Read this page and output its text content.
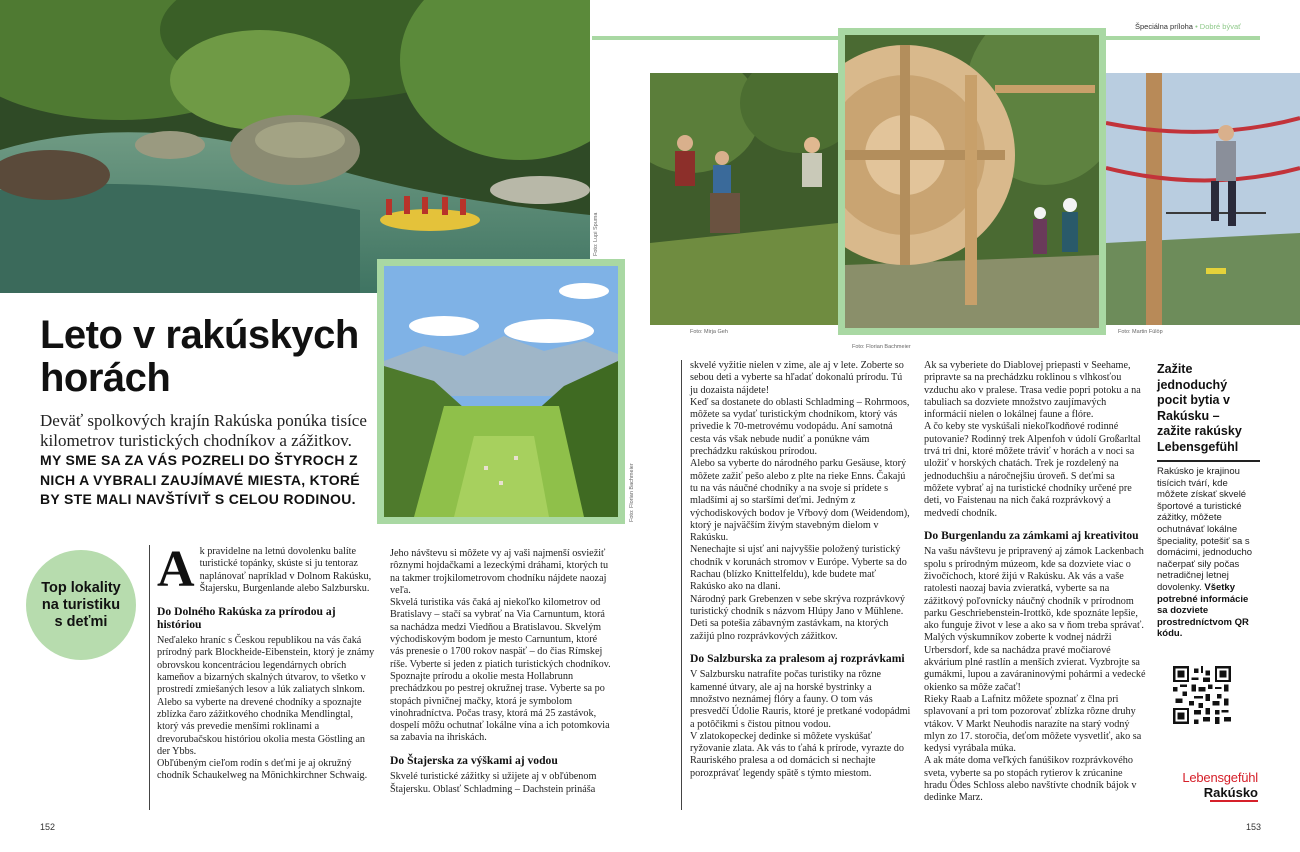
Špeciálna príloha • Dobré bývať
Foto: Lupi Spuma
Foto: Florian Bachmeier
Foto: Mirja Geh
Foto: Florian Bachmeier
Foto: Martin Fülöp
Leto v rakúskych
horách
Deväť spolkových krajín Rakúska ponúka tisíce kilometrov turistických chodníkov a zážitkov. MY SME SA ZA VÁS POZRELI DO ŠTYROCH Z NICH A VYBRALI ZAUJÍMAVÉ MIESTA, KTORÉ BY STE MALI NAVŠTÍVIŤ S CELOU RODINOU.
Top lokality na turistiku s deťmi

Ak pravidelne na letnú dovolenku balíte turistické topánky, skúste si ju tentoraz naplánovať napríklad v Dolnom Rakúsku, Štajersku, Burgenlande alebo Salzbursku.

Do Dolného Rakúska za prírodou aj históriou

Neďaleko hraníc s Českou republikou na vás čaká prírodný park Blockheide-Eibenstein, ktorý je známy obrovskou koncentráciou legendárnych obrích kameňov a bizarných skalných útvarov, to všetko v prostredí zmiešaných lesov a lúk zaliatych slnkom.

Alebo sa vyberte na drevené chodníky a spoznajte zblízka čaro zážitkového chodníka Mendlingtal, ktorý vás prevedie menšími roklinami a drevorubačskou históriou okolia mesta Göstling an der Ybbs.

Obľúbeným cieľom rodín s deťmi je aj okružný chodník Schaukelweg na Mönichkirchner Schwaig.

Jeho návštevu si môžete vy aj vaši najmenší osviežiť rôznymi hojdačkami a lezeckými dráhami, ktorých tu na takmer trojkilometrovom chodníku nájdete naozaj veľa.

Skvelá turistika vás čaká aj niekoľko kilometrov od Bratislavy – stačí sa vybrať na Via Carnuntum, ktorá sa nachádza medzi Viedňou a Bratislavou. Skvelým východiskovým bodom je mesto Carnuntum, ktoré vás prenesie o 1700 rokov naspäť – do čias Rímskej ríše. Vyberte si jeden z piatich turistických chodníkov.

Spoznajte prírodu a okolie mesta Hollabrunn prechádzkou po pestrej okružnej trase. Vyberte sa po stopách pivničnej mačky, ktorá je symbolom vinohradníctva. Počas trasy, ktorá má 25 zastávok, dospelí môžu ochutnať lokálne vína a ich potomkovia sa zabavia na ihriskách.

Do Štajerska za výškami aj vodou

Skvelé turistické zážitky si užijete aj v obľúbenom Štajersku. Oblasť Schladming – Dachstein prináša

skvelé vyžitie nielen v zime, ale aj v lete. Zoberte so sebou deti a vyberte sa hľadať dokonalú prírodu. Tú ju dozaista nájdete!

Keď sa dostanete do oblasti Schladming – Rohrmoos, môžete sa vydať turistickým chodníkom, ktorý vás privedie k 70-metrovému vodopádu. Aní samotná cesta vás však nebude nudiť a ponúkne vám prechádzku rakúskou prírodou.

Alebo sa vyberte do národného parku Gesäuse, ktorý môžete zažiť pešo alebo z plte na rieke Enns. Čakajú tu na vás náučné chodníky a na svoje si prídete s mladšími aj so staršími deťmi. Jedným z východiskových bodov je Vŕbový dom (Weidendom), ktorý je najväčším živým stavebným dielom v Rakúsku.

Nenechajte si ujsť ani najvyššie položený turistický chodník v korunách stromov v Európe. Vyberte sa do Rachau (blízko Knittelfeldu), kde budete mať Rakúsko ako na dlani.

Národný park Grebenzen v sebe skrýva rozprávkový turistický chodník s názvom Hlúpy Jano v Mühlene. Deti sa potešia zábavným zastávkam, na ktorých zažijú plno rozprávkových zážitkov.

Do Salzburska za pralesom aj rozprávkami

V Salzbursku natrafíte počas turistiky na rôzne kamenné útvary, ale aj na horské bystrinky a množstvo neznámej flóry a fauny. O tom vás presvedčí Údolie Rauris, ktoré je pretkané vodopádmi a potôčikmi s čistou pitnou vodou.

V zlatokopeckej dedinke si môžete vyskúšať ryžovanie zlata. Ak vás to ťahá k prírode, vyrazte do Rauriského pralesa a od domácich si nechajte porozprávať legendy spätě s týmto miestom.

Ak sa vyberiete do Diablovej priepasti v Seehame, pripravte sa na prechádzku roklinou s vlhkosťou vzduchu ako v pralese. Trasa vedie popri potoku a na tabuliach sa dozviete množstvo zaujímavých informácií nielen o lokálnej faune a flóre.

A čo keby ste vyskúšali niekoľkodňové rodinné putovanie? Rodinný trek Alpenfoh v údolí Großarltal trvá tri dni, ktoré môžete tráviť v horách a v noci sa uložiť v horských chatách. Trek je rozdelený na jednoduchšiu a náročnejšiu úroveň. S deťmi sa môžete vybrať aj na turistické chodníky určené pre deti, vo Faistenau na nich čaká rozprávkový a medvedí chodník.

Do Burgenlandu za zámkami aj kreativitou

Na vašu návštevu je pripravený aj zámok Lackenbach spolu s prírodným múzeom, kde sa dozviete viac o živočíchoch, ktoré žijú v Rakúsku. Ak vás a vaše ratolesti naozaj bavia zvieratká, vyberte sa na zážitkový poľovnícky náučný chodník v prírodnom parku Geschriebenstein-Irottkö, kde spoznáte lepšie, ako funguje život v lese a ako sa v ňom treba správať. Malých výskumníkov zoberte k vodnej nádrži Urbersdorf, kde sa nachádza pravé močiarové akvárium plné rastlín a menších zvierat. Vyzbrojte sa gumákmi, lupou a zaváraninovými pohármi a vedecké okienko sa môže začať!

Rieky Raab a Lafnitz môžete spoznať z člna pri splavovaní a pri tom pozorovať zblízka rôzne druhy vtákov. V Markt Neuhodis narazíte na starý vodný mlyn zo 17. storočia, deťom môžete vysvetliť, ako sa kedysi vyrábala múka.

A ak máte doma veľkých fanúšikov rozprávkového sveta, vyberte sa po stopách rytierov k zrúcanine hradu Ödes Schloss alebo navštívte chodník bájok v dedinke Marz.

Zažite jednoduchý pocit bytia v Rakúsku – zažite rakúsky Lebensgefühl
Rakúsko je krajinou tisícich tvárí, kde môžete získať skvelé športové a turistické zážitky, môžete ochutnávať lokálne špeciality, potešiť sa s domácimi, jednoducho načerpať sily počas netradičnej letnej dovolenky. Všetky potrebné informácie sa dozviete prostredníctvom QR kódu.
Lebensgefühl
Rakúsko
152	153
